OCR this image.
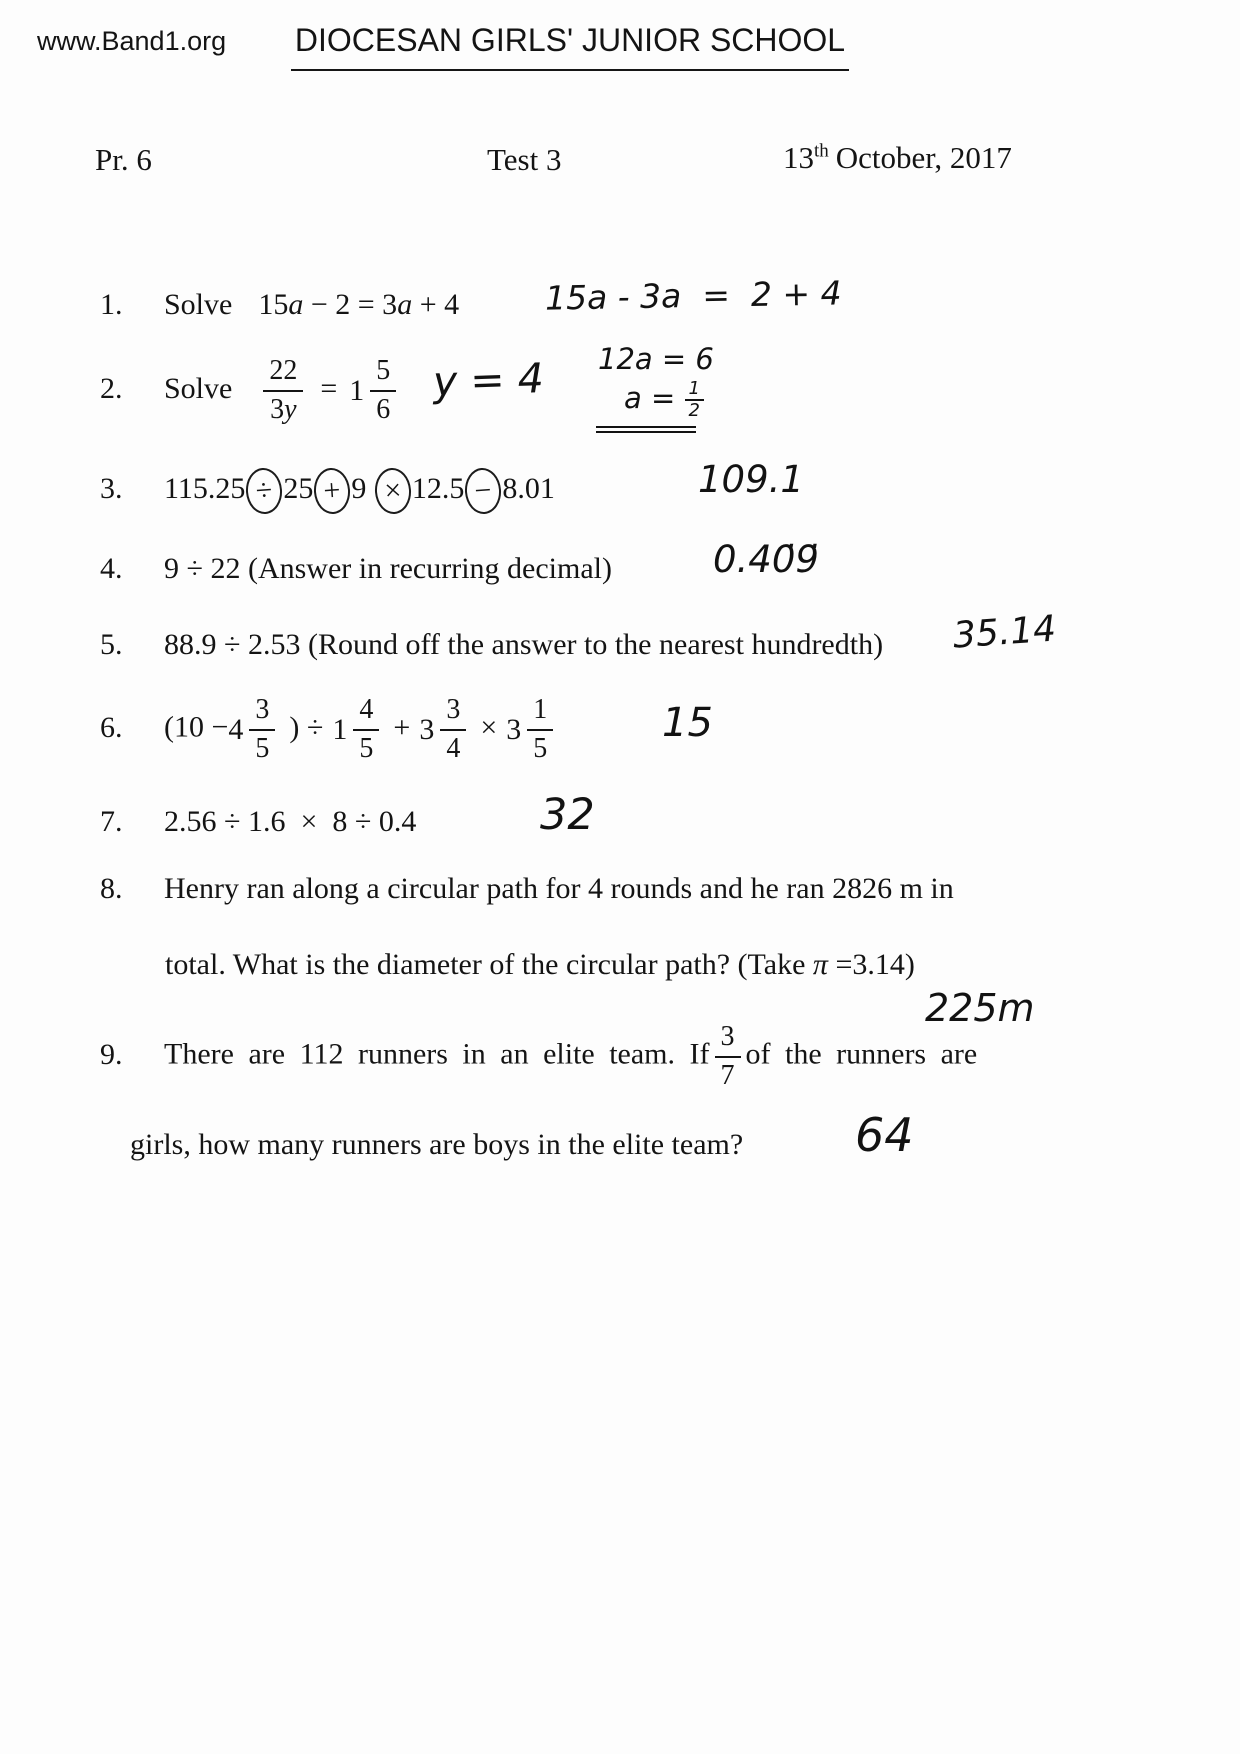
www.Band1.org	DIOCESAN GIRLS' JUNIOR SCHOOL
Pr. 6	Test 3	13th October, 2017
1. Solve 15a − 2 = 3a + 4	15a - 3a  =  2 + 4
2. Solve $\frac{22}{3y} = 1 \frac{5}{6}$ y = 4 12a = 6
$a = \frac{1}{2}$
3. 115.25 ÷ 25 + 9 × 12.5 − 8.01	109.1
4. 9 ÷ 22 (Answer in recurring decimal)	0.40̇9̇
5. 88.9 ÷ 2.53 (Round off the answer to the nearest hundredth) 35.14
6. ($10 - 4 \frac{3}{5}$ ) ÷ $1 \frac{4}{5} + 3 \frac{3}{4} \times 3 \frac{1}{5}$	15
7. 2.56 ÷ 1.6  ×  8 ÷ 0.4	32
8. Henry ran along a circular path for 4 rounds and he ran 2826 m in
total. What is the diameter of the circular path? (Take π =3.14)
225m
9. There are 112 runners in an elite team. If $\frac{3}{7}$ of the runners are
girls, how many runners are boys in the elite team? 64
